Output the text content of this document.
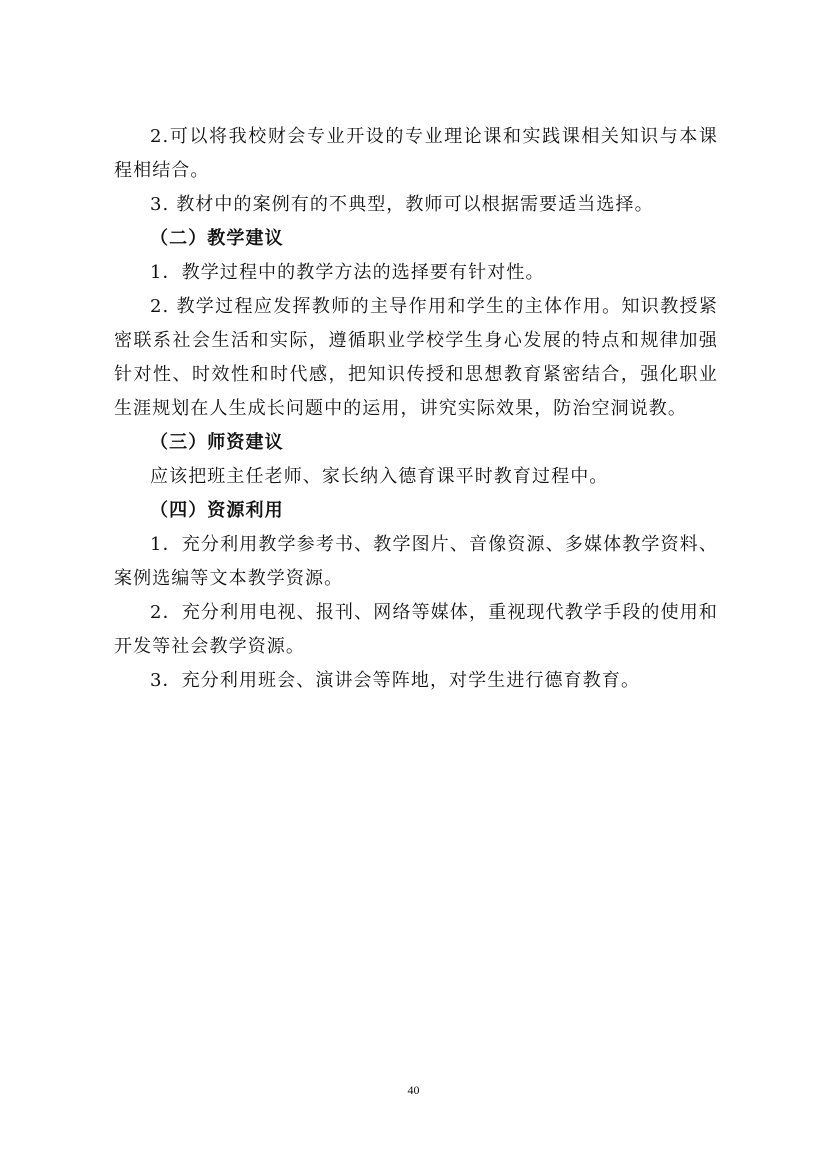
2.可以将我校财会专业开设的专业理论课和实践课相关知识与本课程相结合。

3. 教材中的案例有的不典型，教师可以根据需要适当选择。

（二）教学建议

1．教学过程中的教学方法的选择要有针对性。

2. 教学过程应发挥教师的主导作用和学生的主体作用。知识教授紧密联系社会生活和实际，遵循职业学校学生身心发展的特点和规律加强针对性、时效性和时代感，把知识传授和思想教育紧密结合，强化职业生涯规划在人生成长问题中的运用，讲究实际效果，防治空洞说教。

（三）师资建议

应该把班主任老师、家长纳入德育课平时教育过程中。

（四）资源利用

1．充分利用教学参考书、教学图片、音像资源、多媒体教学资料、案例选编等文本教学资源。

2．充分利用电视、报刊、网络等媒体，重视现代教学手段的使用和开发等社会教学资源。

3．充分利用班会、演讲会等阵地，对学生进行德育教育。

40
